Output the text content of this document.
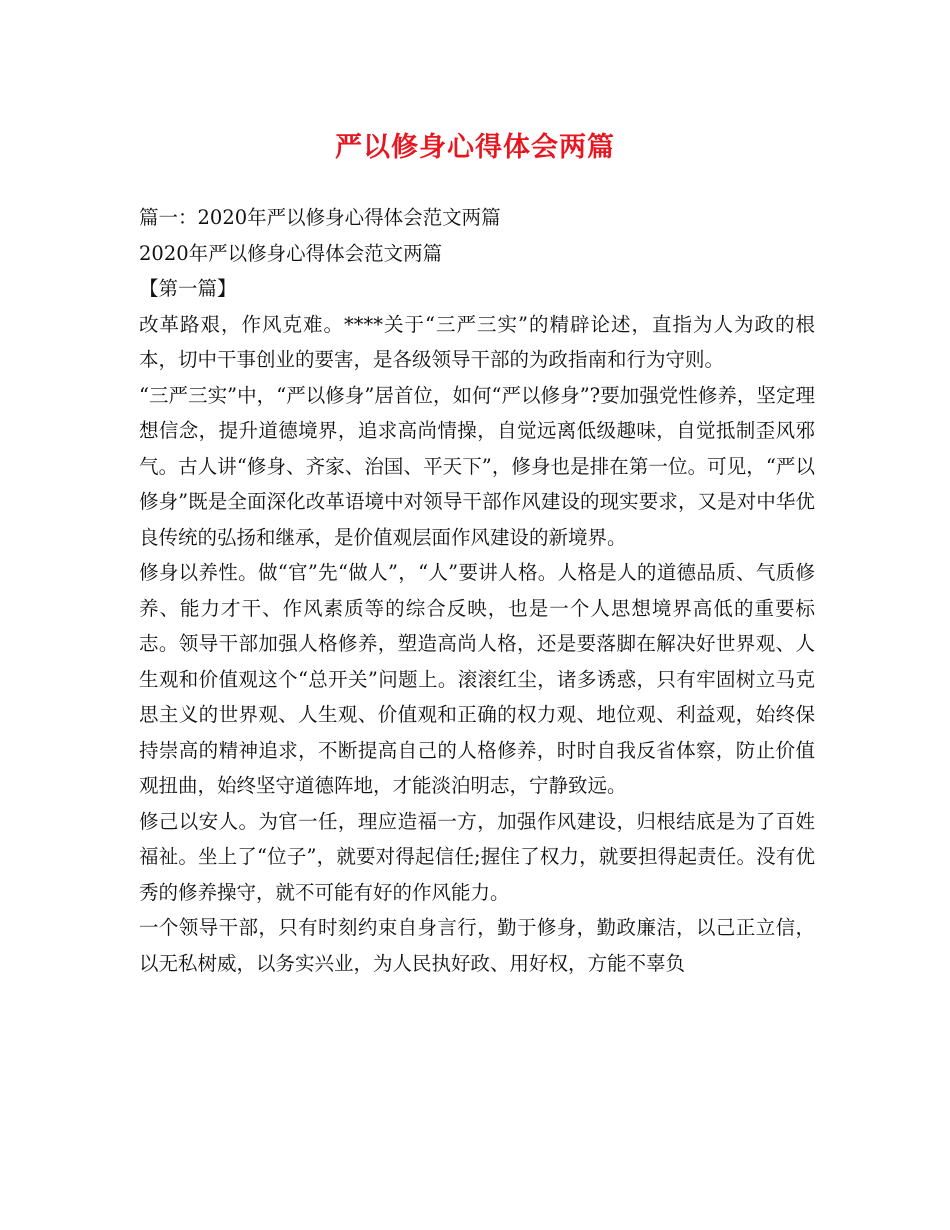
严以修身心得体会两篇

篇一：2020年严以修身心得体会范文两篇

2020年严以修身心得体会范文两篇

【第一篇】

改革路艰，作风克难。****关于“三严三实”的精辟论述，直指为人为政的根本，切中干事创业的要害，是各级领导干部的为政指南和行为守则。

“三严三实”中，“严以修身”居首位，如何“严以修身”?要加强党性修养，坚定理想信念，提升道德境界，追求高尚情操，自觉远离低级趣味，自觉抵制歪风邪气。古人讲“修身、齐家、治国、平天下”，修身也是排在第一位。可见，“严以修身”既是全面深化改革语境中对领导干部作风建设的现实要求，又是对中华优良传统的弘扬和继承，是价值观层面作风建设的新境界。

修身以养性。做“官”先“做人”，“人”要讲人格。人格是人的道德品质、气质修养、能力才干、作风素质等的综合反映，也是一个人思想境界高低的重要标志。领导干部加强人格修养，塑造高尚人格，还是要落脚在解决好世界观、人生观和价值观这个“总开关”问题上。滚滚红尘，诸多诱惑，只有牢固树立马克思主义的世界观、人生观、价值观和正确的权力观、地位观、利益观，始终保持崇高的精神追求，不断提高自己的人格修养，时时自我反省体察，防止价值观扭曲，始终坚守道德阵地，才能淡泊明志，宁静致远。

修己以安人。为官一任，理应造福一方，加强作风建设，归根结底是为了百姓福祉。坐上了“位子”，就要对得起信任;握住了权力，就要担得起责任。没有优秀的修养操守，就不可能有好的作风能力。

一个领导干部，只有时刻约束自身言行，勤于修身，勤政廉洁，以己正立信，以无私树威，以务实兴业，为人民执好政、用好权，方能不辜负
